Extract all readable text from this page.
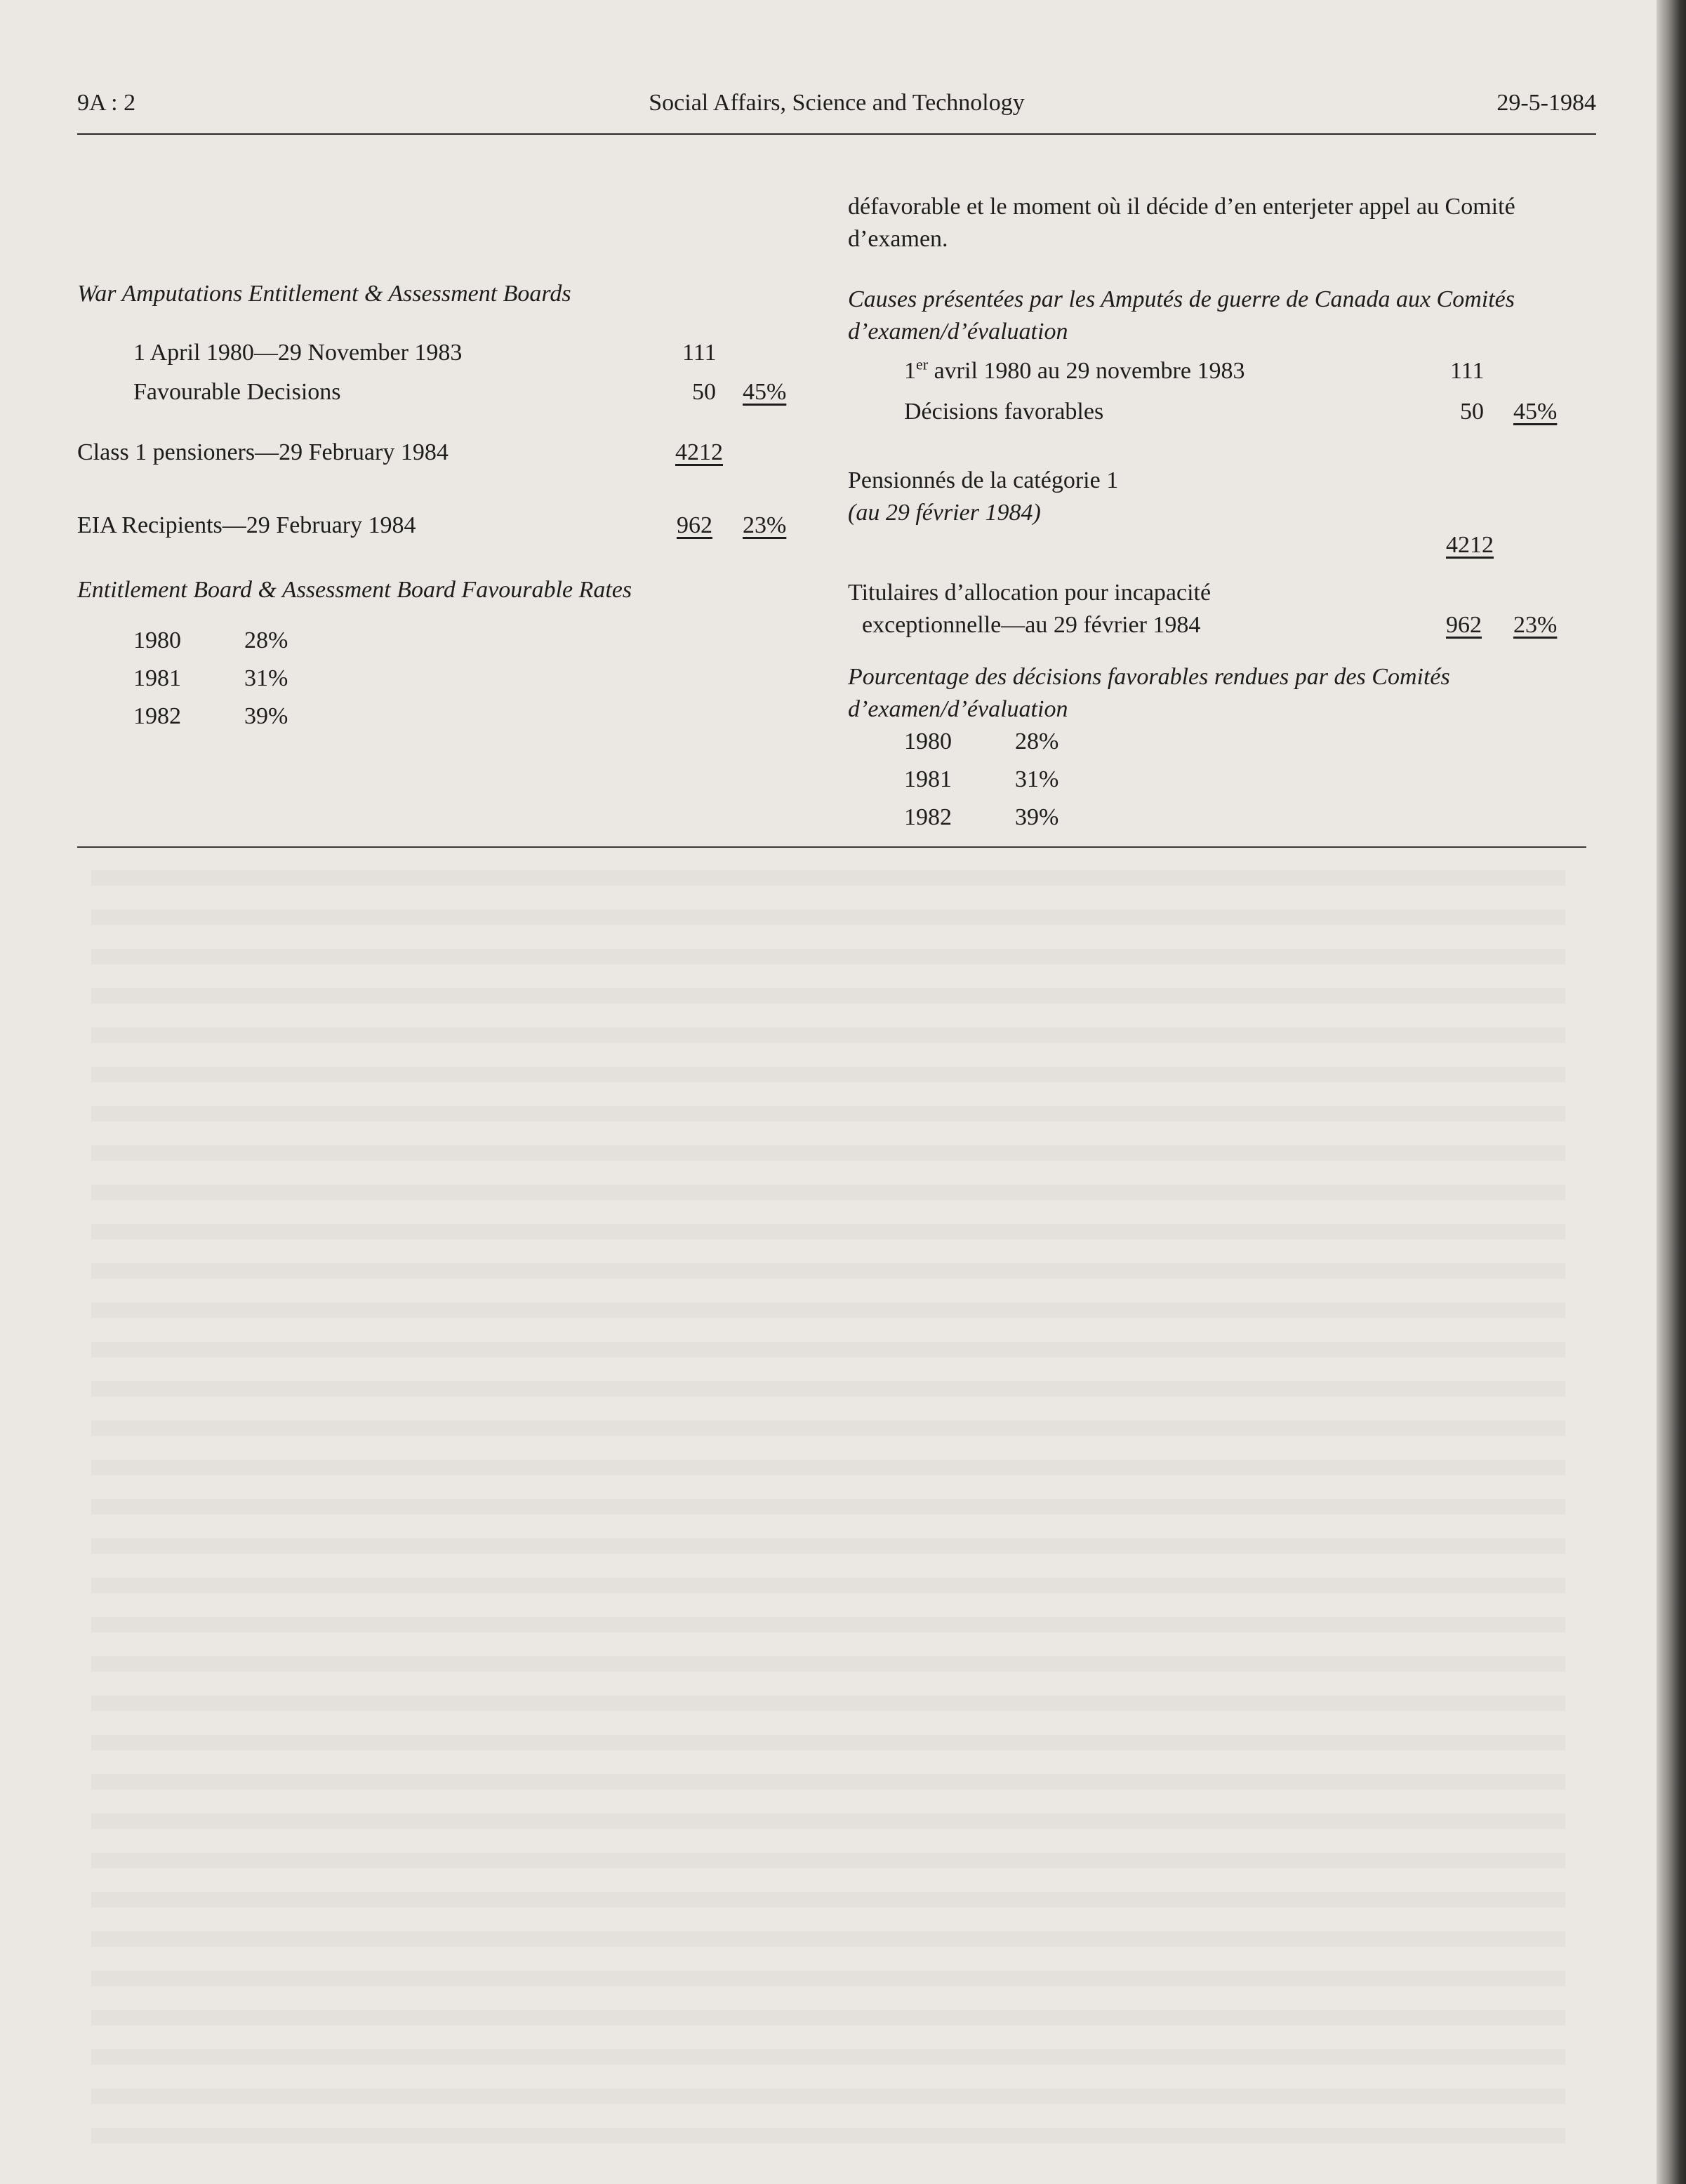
9A : 2	Social Affairs, Science and Technology	29-5-1984

War Amputations Entitlement & Assessment Boards

1 April 1980—29 November 1983	111
Favourable Decisions	50 45%
Class 1 pensioners—29 February 1984	4212
EIA Recipients—29 February 1984	962 23%

Entitlement Board & Assessment Board Favourable Rates

1980	28%
1981	31%
1982	39%

défavorable et le moment où il décide d’en enterjeter appel au Comité d’examen.

Causes présentées par les Amputés de guerre de Canada aux Comités d’examen/d’évaluation

1er avril 1980 au 29 novembre 1983	111
Décisions favorables	50 45%
Pensionnés de la catégorie 1
(au 29 février 1984)
4212
Titulaires d’allocation pour incapacité
exceptionnelle—au 29 février 1984	962 23%

Pourcentage des décisions favorables rendues par des Comités d’examen/d’évaluation

1980	28%
1981	31%
1982	39%
